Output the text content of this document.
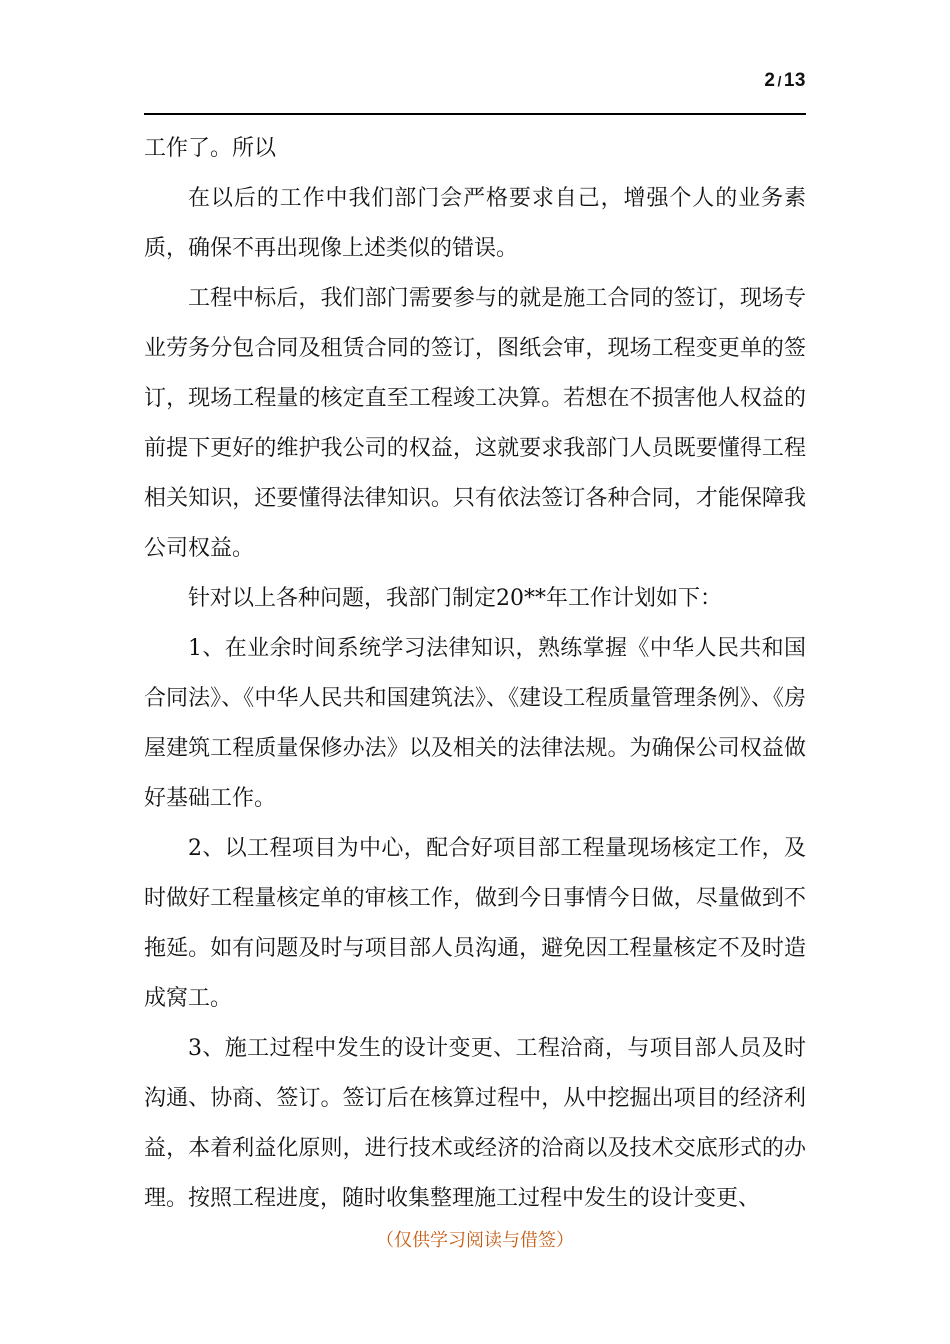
2 / 13

工作了。所以

在以后的工作中我们部门会严格要求自己，增强个人的业务素质，确保不再出现像上述类似的错误。

工程中标后，我们部门需要参与的就是施工合同的签订，现场专业劳务分包合同及租赁合同的签订，图纸会审，现场工程变更单的签订，现场工程量的核定直至工程竣工决算。若想在不损害他人权益的前提下更好的维护我公司的权益，这就要求我部门人员既要懂得工程相关知识，还要懂得法律知识。只有依法签订各种合同，才能保障我公司权益。

针对以上各种问题，我部门制定20**年工作计划如下：

1、在业余时间系统学习法律知识，熟练掌握《中华人民共和国合同法》、《中华人民共和国建筑法》、《建设工程质量管理条例》、《房屋建筑工程质量保修办法》以及相关的法律法规。为确保公司权益做好基础工作。

2、以工程项目为中心，配合好项目部工程量现场核定工作，及时做好工程量核定单的审核工作，做到今日事情今日做，尽量做到不拖延。如有问题及时与项目部人员沟通，避免因工程量核定不及时造成窝工。

3、施工过程中发生的设计变更、工程洽商，与项目部人员及时沟通、协商、签订。签订后在核算过程中，从中挖掘出项目的经济利益，本着利益化原则，进行技术或经济的洽商以及技术交底形式的办理。按照工程进度，随时收集整理施工过程中发生的设计变更、

（仅供学习阅读与借签）
